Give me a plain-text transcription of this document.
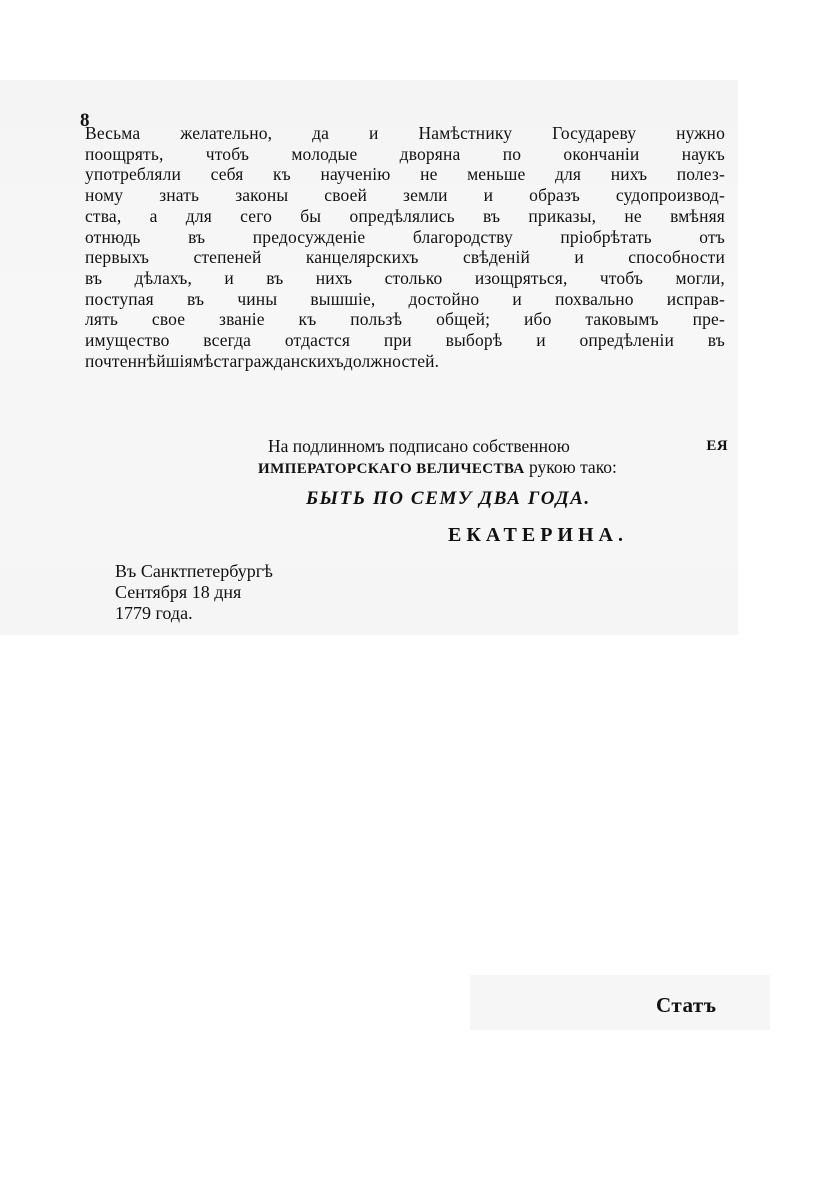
8
Весьма желательно, да и Намѣстнику Государеву нужно
поощрять, чтобъ молодые дворяна по окончанiи наукъ
употребляли себя къ наученiю не меньше для нихъ полез-
ному знать законы своей земли и образъ судопроизвод-
ства, а для сего бы опредѣлялись въ приказы, не вмѣняя
отнюдь	въ	предосужденiе	благородству	прiобрѣтать	отъ
первыхъ	степеней	канцелярскихъ	свѣденiй	и	способности
въ дѣлахъ, и въ нихъ столько изощряться, чтобъ могли,
поступая въ чины вышшiе, достойно и похвально исправ-
лять свое званiе къ пользѣ общей; ибо таковымъ пре-
имущество всегда отдастся при выборѣ и опредѣленiи въ
почтеннѣйшiя мѣста гражданскихъ должностей.
На подлинномъ подписано собственною	ЕЯ
ИМПЕРАТОРСКАГО ВЕЛИЧЕСТВА рукою тако:
БЫТЬ ПО СЕМУ ДВА ГОДА.
ЕКАТЕРИНА.
Въ Санктпетербургѣ
Сентября 18 дня
1779 года.
Статъ
